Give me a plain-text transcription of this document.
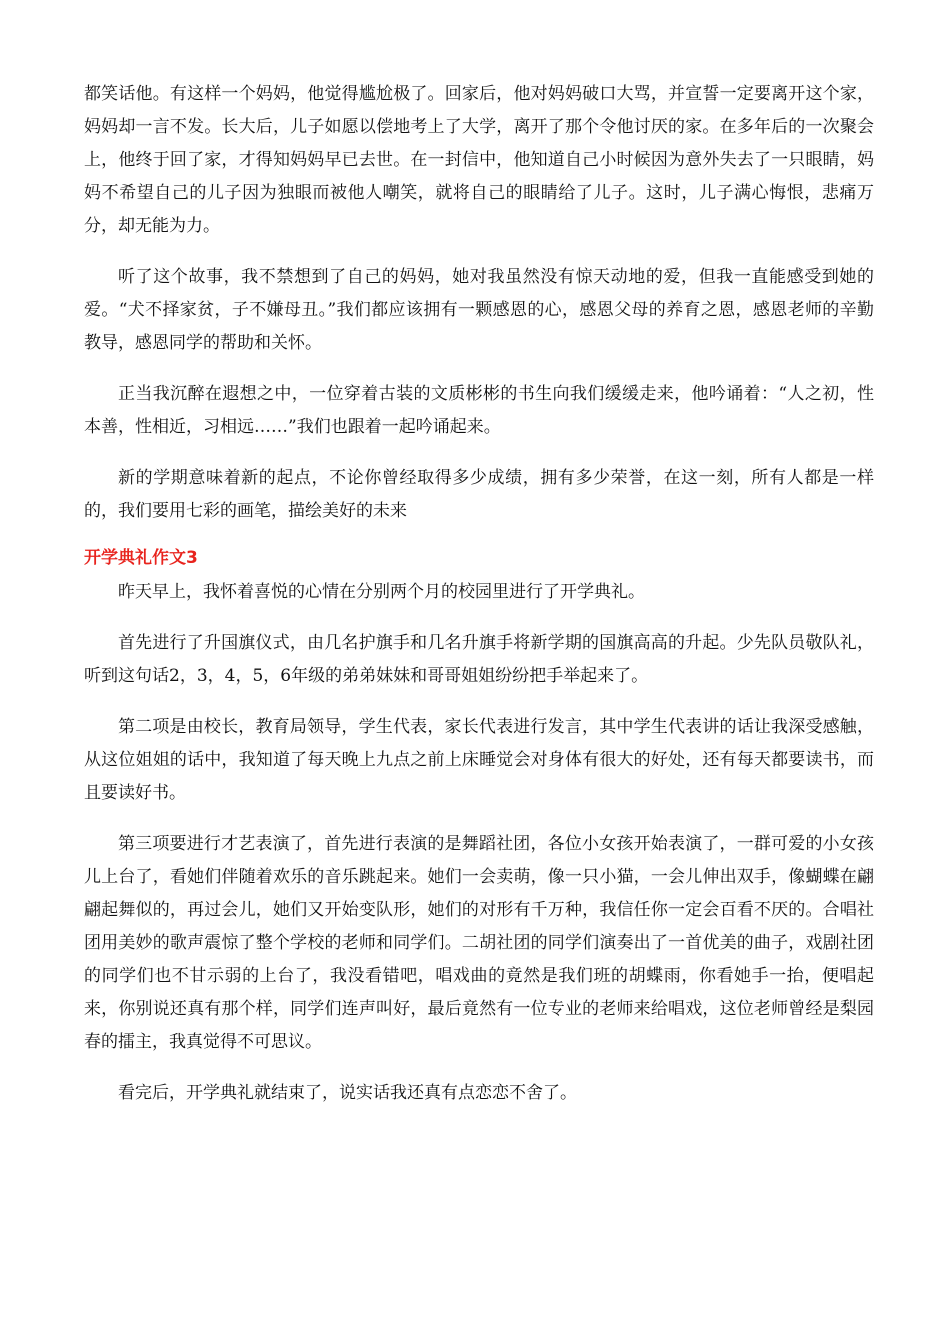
都笑话他。有这样一个妈妈，他觉得尴尬极了。回家后，他对妈妈破口大骂，并宣誓一定要离开这个家，妈妈却一言不发。长大后，儿子如愿以偿地考上了大学，离开了那个令他讨厌的家。在多年后的一次聚会上，他终于回了家，才得知妈妈早已去世。在一封信中，他知道自己小时候因为意外失去了一只眼睛，妈妈不希望自己的儿子因为独眼而被他人嘲笑，就将自己的眼睛给了儿子。这时，儿子满心悔恨，悲痛万分，却无能为力。

听了这个故事，我不禁想到了自己的妈妈，她对我虽然没有惊天动地的爱，但我一直能感受到她的爱。“犬不择家贫，子不嫌母丑。”我们都应该拥有一颗感恩的心，感恩父母的养育之恩，感恩老师的辛勤教导，感恩同学的帮助和关怀。

正当我沉醉在遐想之中，一位穿着古装的文质彬彬的书生向我们缓缓走来，他吟诵着：“人之初，性本善，性相近，习相远……”我们也跟着一起吟诵起来。

新的学期意味着新的起点，不论你曾经取得多少成绩，拥有多少荣誉，在这一刻，所有人都是一样的，我们要用七彩的画笔，描绘美好的未来

开学典礼作文3

昨天早上，我怀着喜悦的心情在分别两个月的校园里进行了开学典礼。

首先进行了升国旗仪式，由几名护旗手和几名升旗手将新学期的国旗高高的升起。少先队员敬队礼，听到这句话2，3，4，5，6年级的弟弟妹妹和哥哥姐姐纷纷把手举起来了。

第二项是由校长，教育局领导，学生代表，家长代表进行发言，其中学生代表讲的话让我深受感触，从这位姐姐的话中，我知道了每天晚上九点之前上床睡觉会对身体有很大的好处，还有每天都要读书，而且要读好书。

第三项要进行才艺表演了，首先进行表演的是舞蹈社团，各位小女孩开始表演了，一群可爱的小女孩儿上台了，看她们伴随着欢乐的音乐跳起来。她们一会卖萌，像一只小猫，一会儿伸出双手，像蝴蝶在翩翩起舞似的，再过会儿，她们又开始变队形，她们的对形有千万种，我信任你一定会百看不厌的。合唱社团用美妙的歌声震惊了整个学校的老师和同学们。二胡社团的同学们演奏出了一首优美的曲子，戏剧社团的同学们也不甘示弱的上台了，我没看错吧，唱戏曲的竟然是我们班的胡蝶雨，你看她手一抬，便唱起来，你别说还真有那个样，同学们连声叫好，最后竟然有一位专业的老师来给唱戏，这位老师曾经是梨园春的擂主，我真觉得不可思议。

看完后，开学典礼就结束了，说实话我还真有点恋恋不舍了。
